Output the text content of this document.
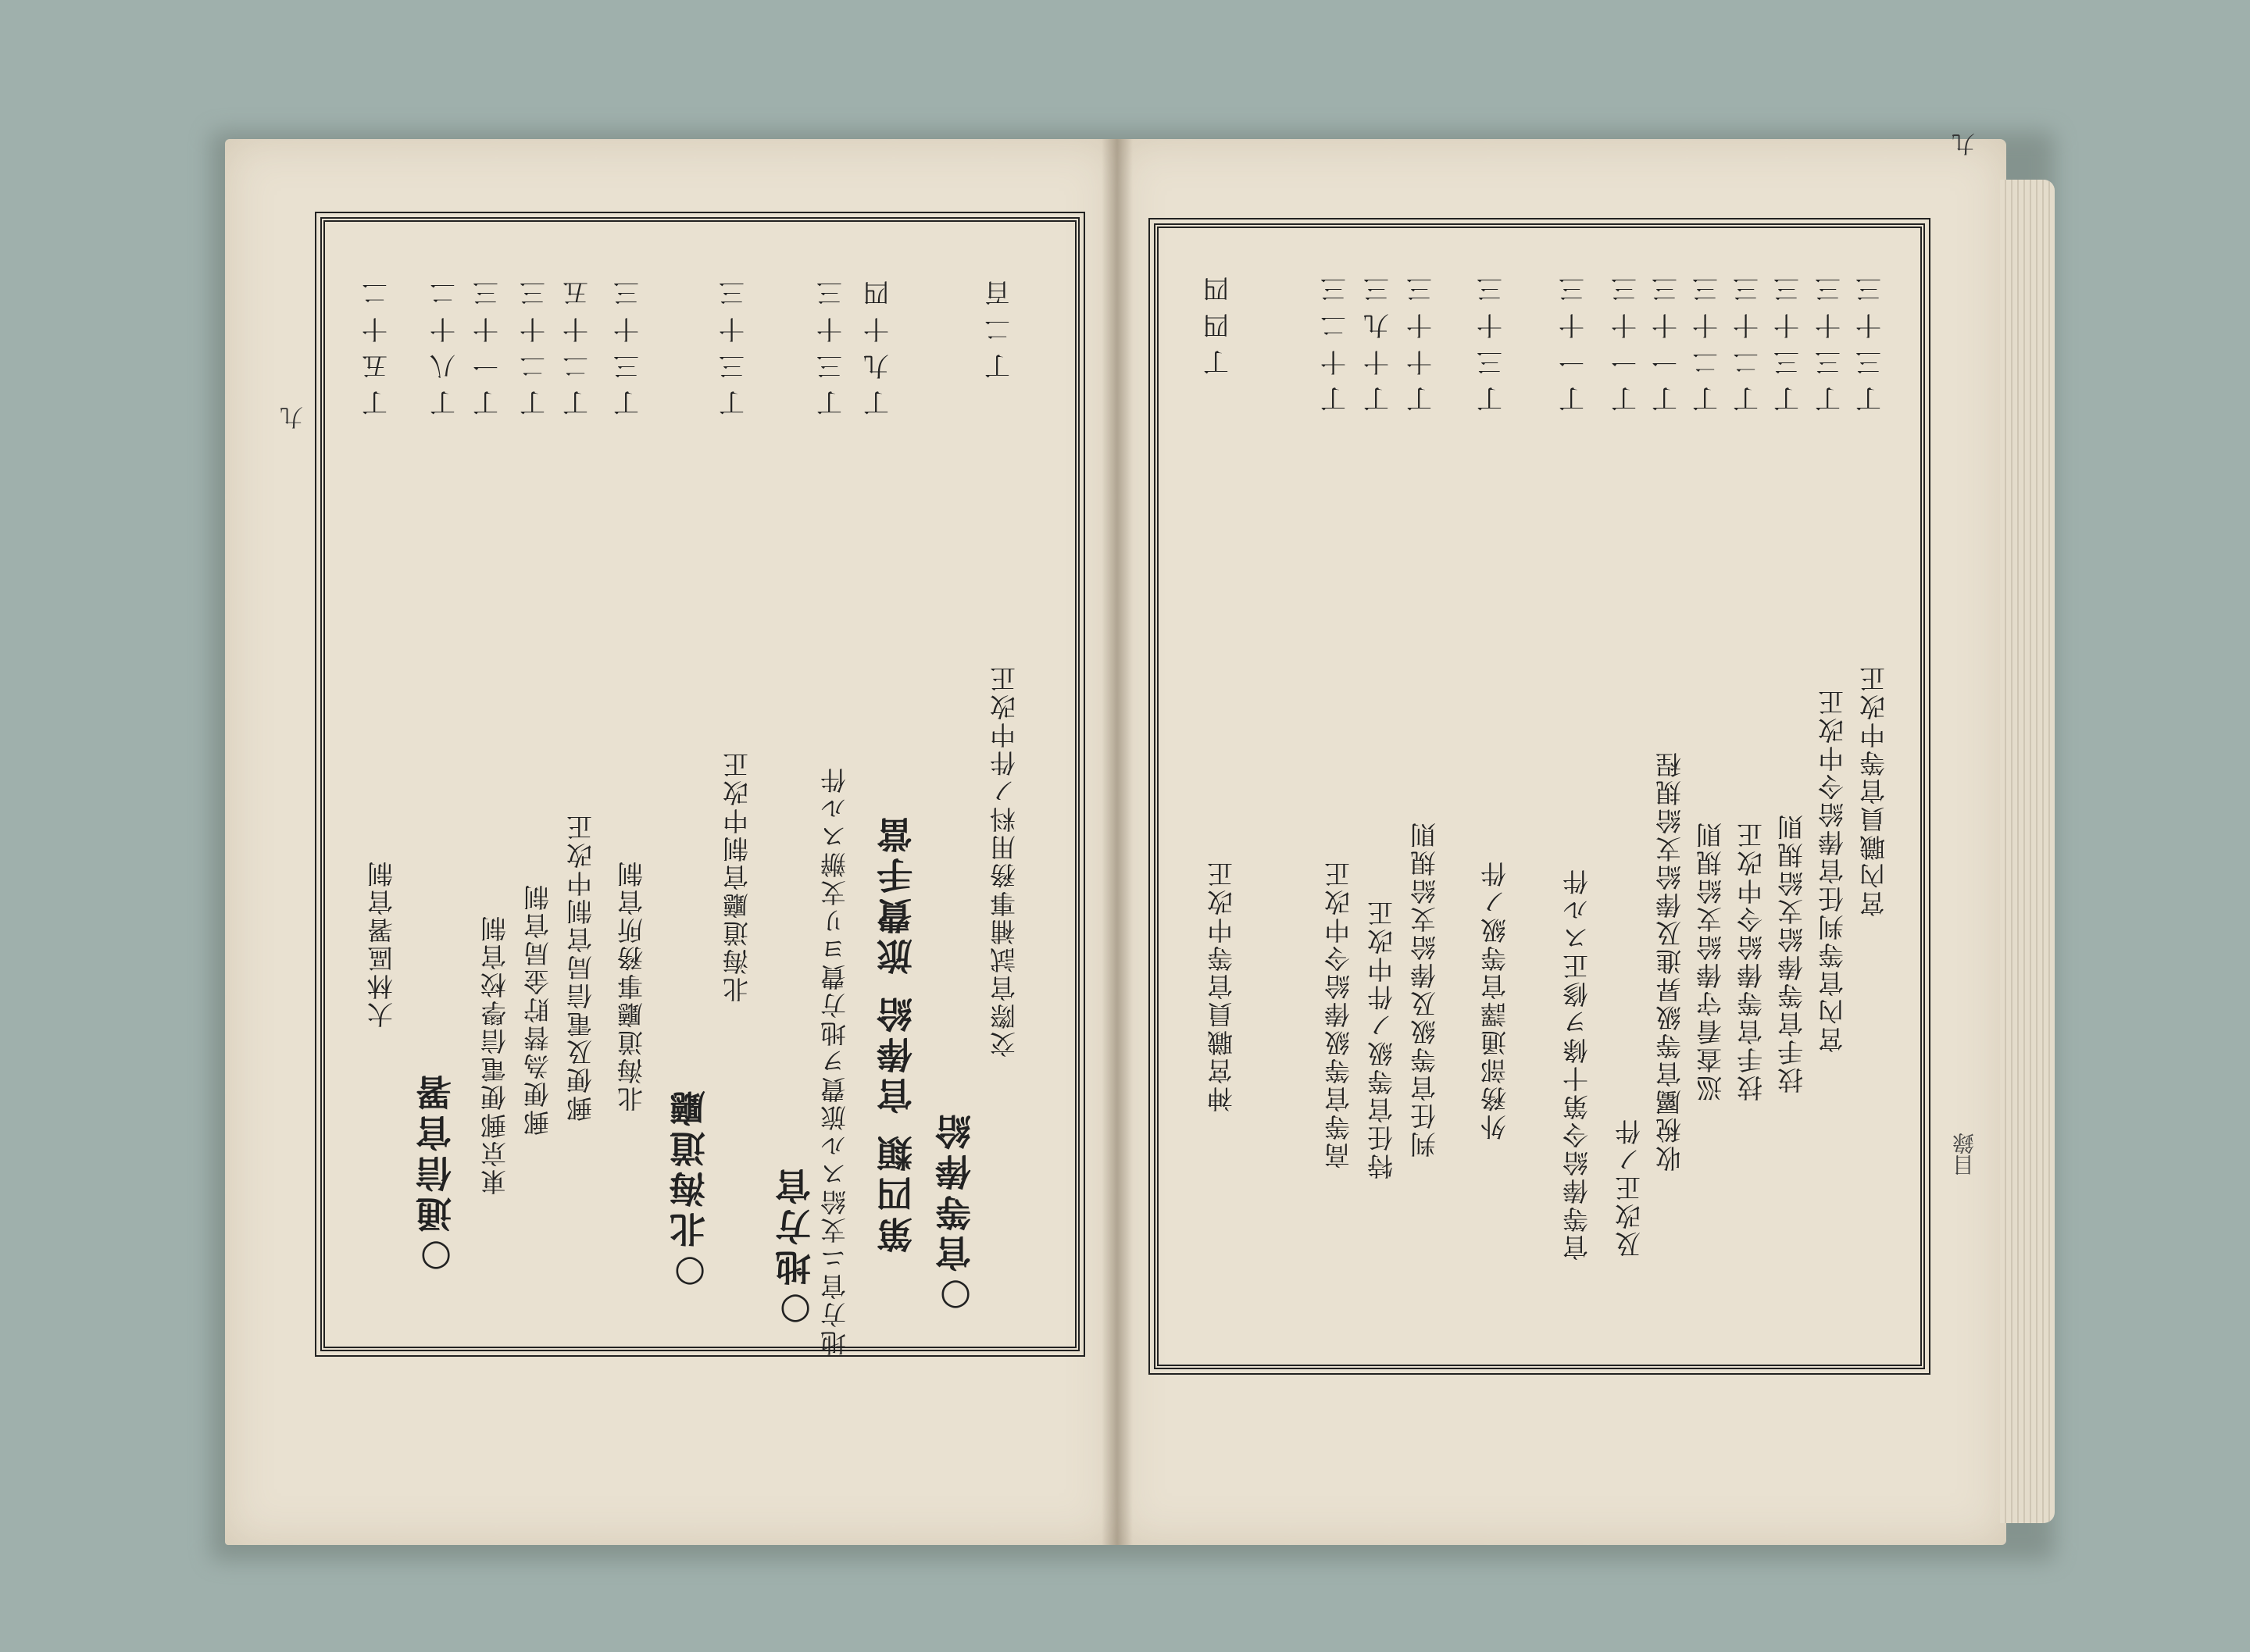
九
九
目錄
○官等俸給
交際官試補事務用料ノ件中改正
丁二百
第四類 官俸給 旅費手當
丁九十四
地方官ニ支給スル旅費ヲ地方費ヨリ支辦スル件
丁三十三
○地方官
北海道廳官制中改正
丁三十三
○北海道廳
北海道廳事務所官制
丁三十三
郵便及電信局官制中改正
丁二十五
郵便為替貯金局官制
丁二十三
東京郵便電信學校官制
丁一十三
○通信官署
丁八十二
大林區署官制
丁五十二
宮內職員官等中改正
丁三十三
宮內官等判任官俸給令中改正
丁三十三
技手官等俸給支給規則
丁三十三
技手官等俸給令中改正
丁二十三
巡查看守俸給支給規則
丁二十三
收稅屬官等級昇進及俸給支給規程
丁一十三
及改正ノ件
丁一十三
官等俸給令第十條ヲ修正スル件
丁一十三
外務部通譯官等級ノ件
丁三十三
判任官等級及俸給支給規則
丁十十三
特任官等級ノ件中改正
丁十九三
高等官等級俸給令中改正
丁十二三
神宮職員官等中改正
丁四四
